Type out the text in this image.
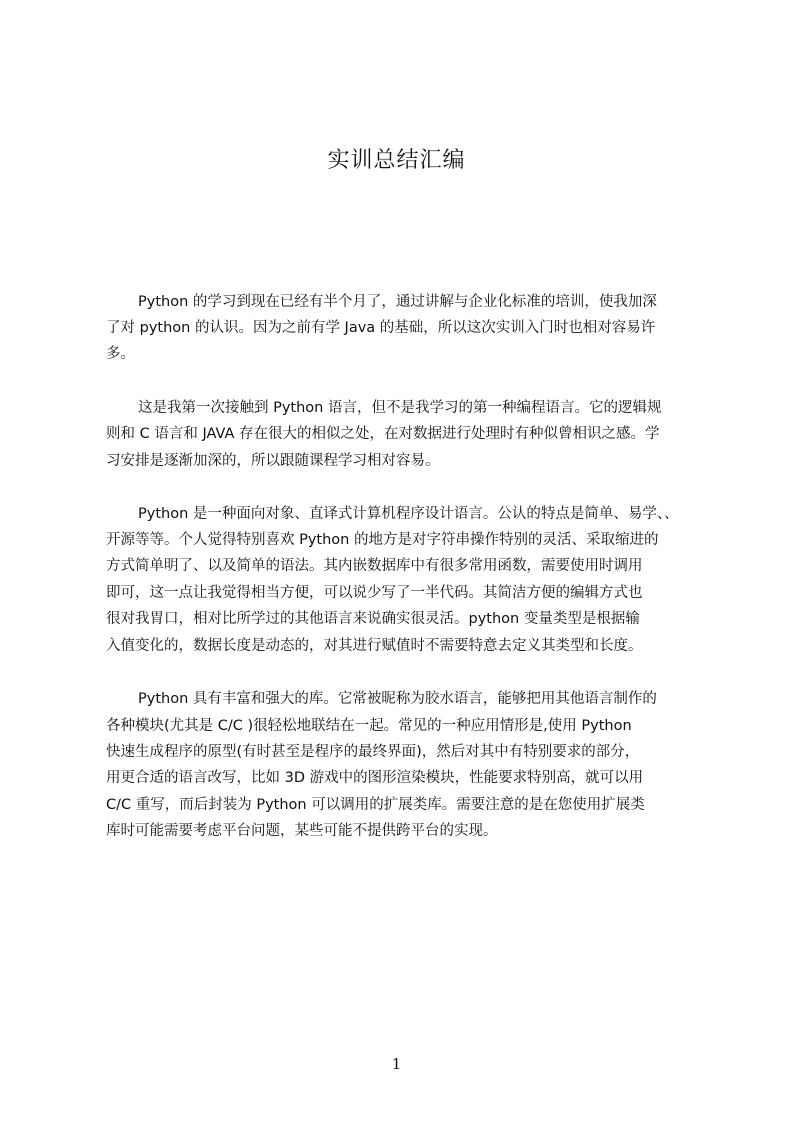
实训总结汇编
Python 的学习到现在已经有半个月了，通过讲解与企业化标准的培训，使我加深
了对 python 的认识。因为之前有学 Java 的基础，所以这次实训入门时也相对容易许
多。
这是我第一次接触到 Python 语言，但不是我学习的第一种编程语言。它的逻辑规
则和 C 语言和 JAVA 存在很大的相似之处，在对数据进行处理时有种似曾相识之感。学
习安排是逐渐加深的，所以跟随课程学习相对容易。
Python 是一种面向对象、直译式计算机程序设计语言。公认的特点是简单、易学、、
开源等等。个人觉得特别喜欢 Python 的地方是对字符串操作特别的灵活、采取缩进的
方式简单明了、以及简单的语法。其内嵌数据库中有很多常用函数，需要使用时调用
即可，这一点让我觉得相当方便，可以说少写了一半代码。其简洁方便的编辑方式也
很对我胃口，相对比所学过的其他语言来说确实很灵活。python 变量类型是根据输
入值变化的，数据长度是动态的，对其进行赋值时不需要特意去定义其类型和长度。
Python 具有丰富和强大的库。它常被昵称为胶水语言，能够把用其他语言制作的
各种模块(尤其是 C/C )很轻松地联结在一起。常见的一种应用情形是,使用 Python
快速生成程序的原型(有时甚至是程序的最终界面)，然后对其中有特别要求的部分，
用更合适的语言改写，比如 3D 游戏中的图形渲染模块，性能要求特别高，就可以用
C/C 重写，而后封装为 Python 可以调用的扩展类库。需要注意的是在您使用扩展类
库时可能需要考虑平台问题，某些可能不提供跨平台的实现。
1
